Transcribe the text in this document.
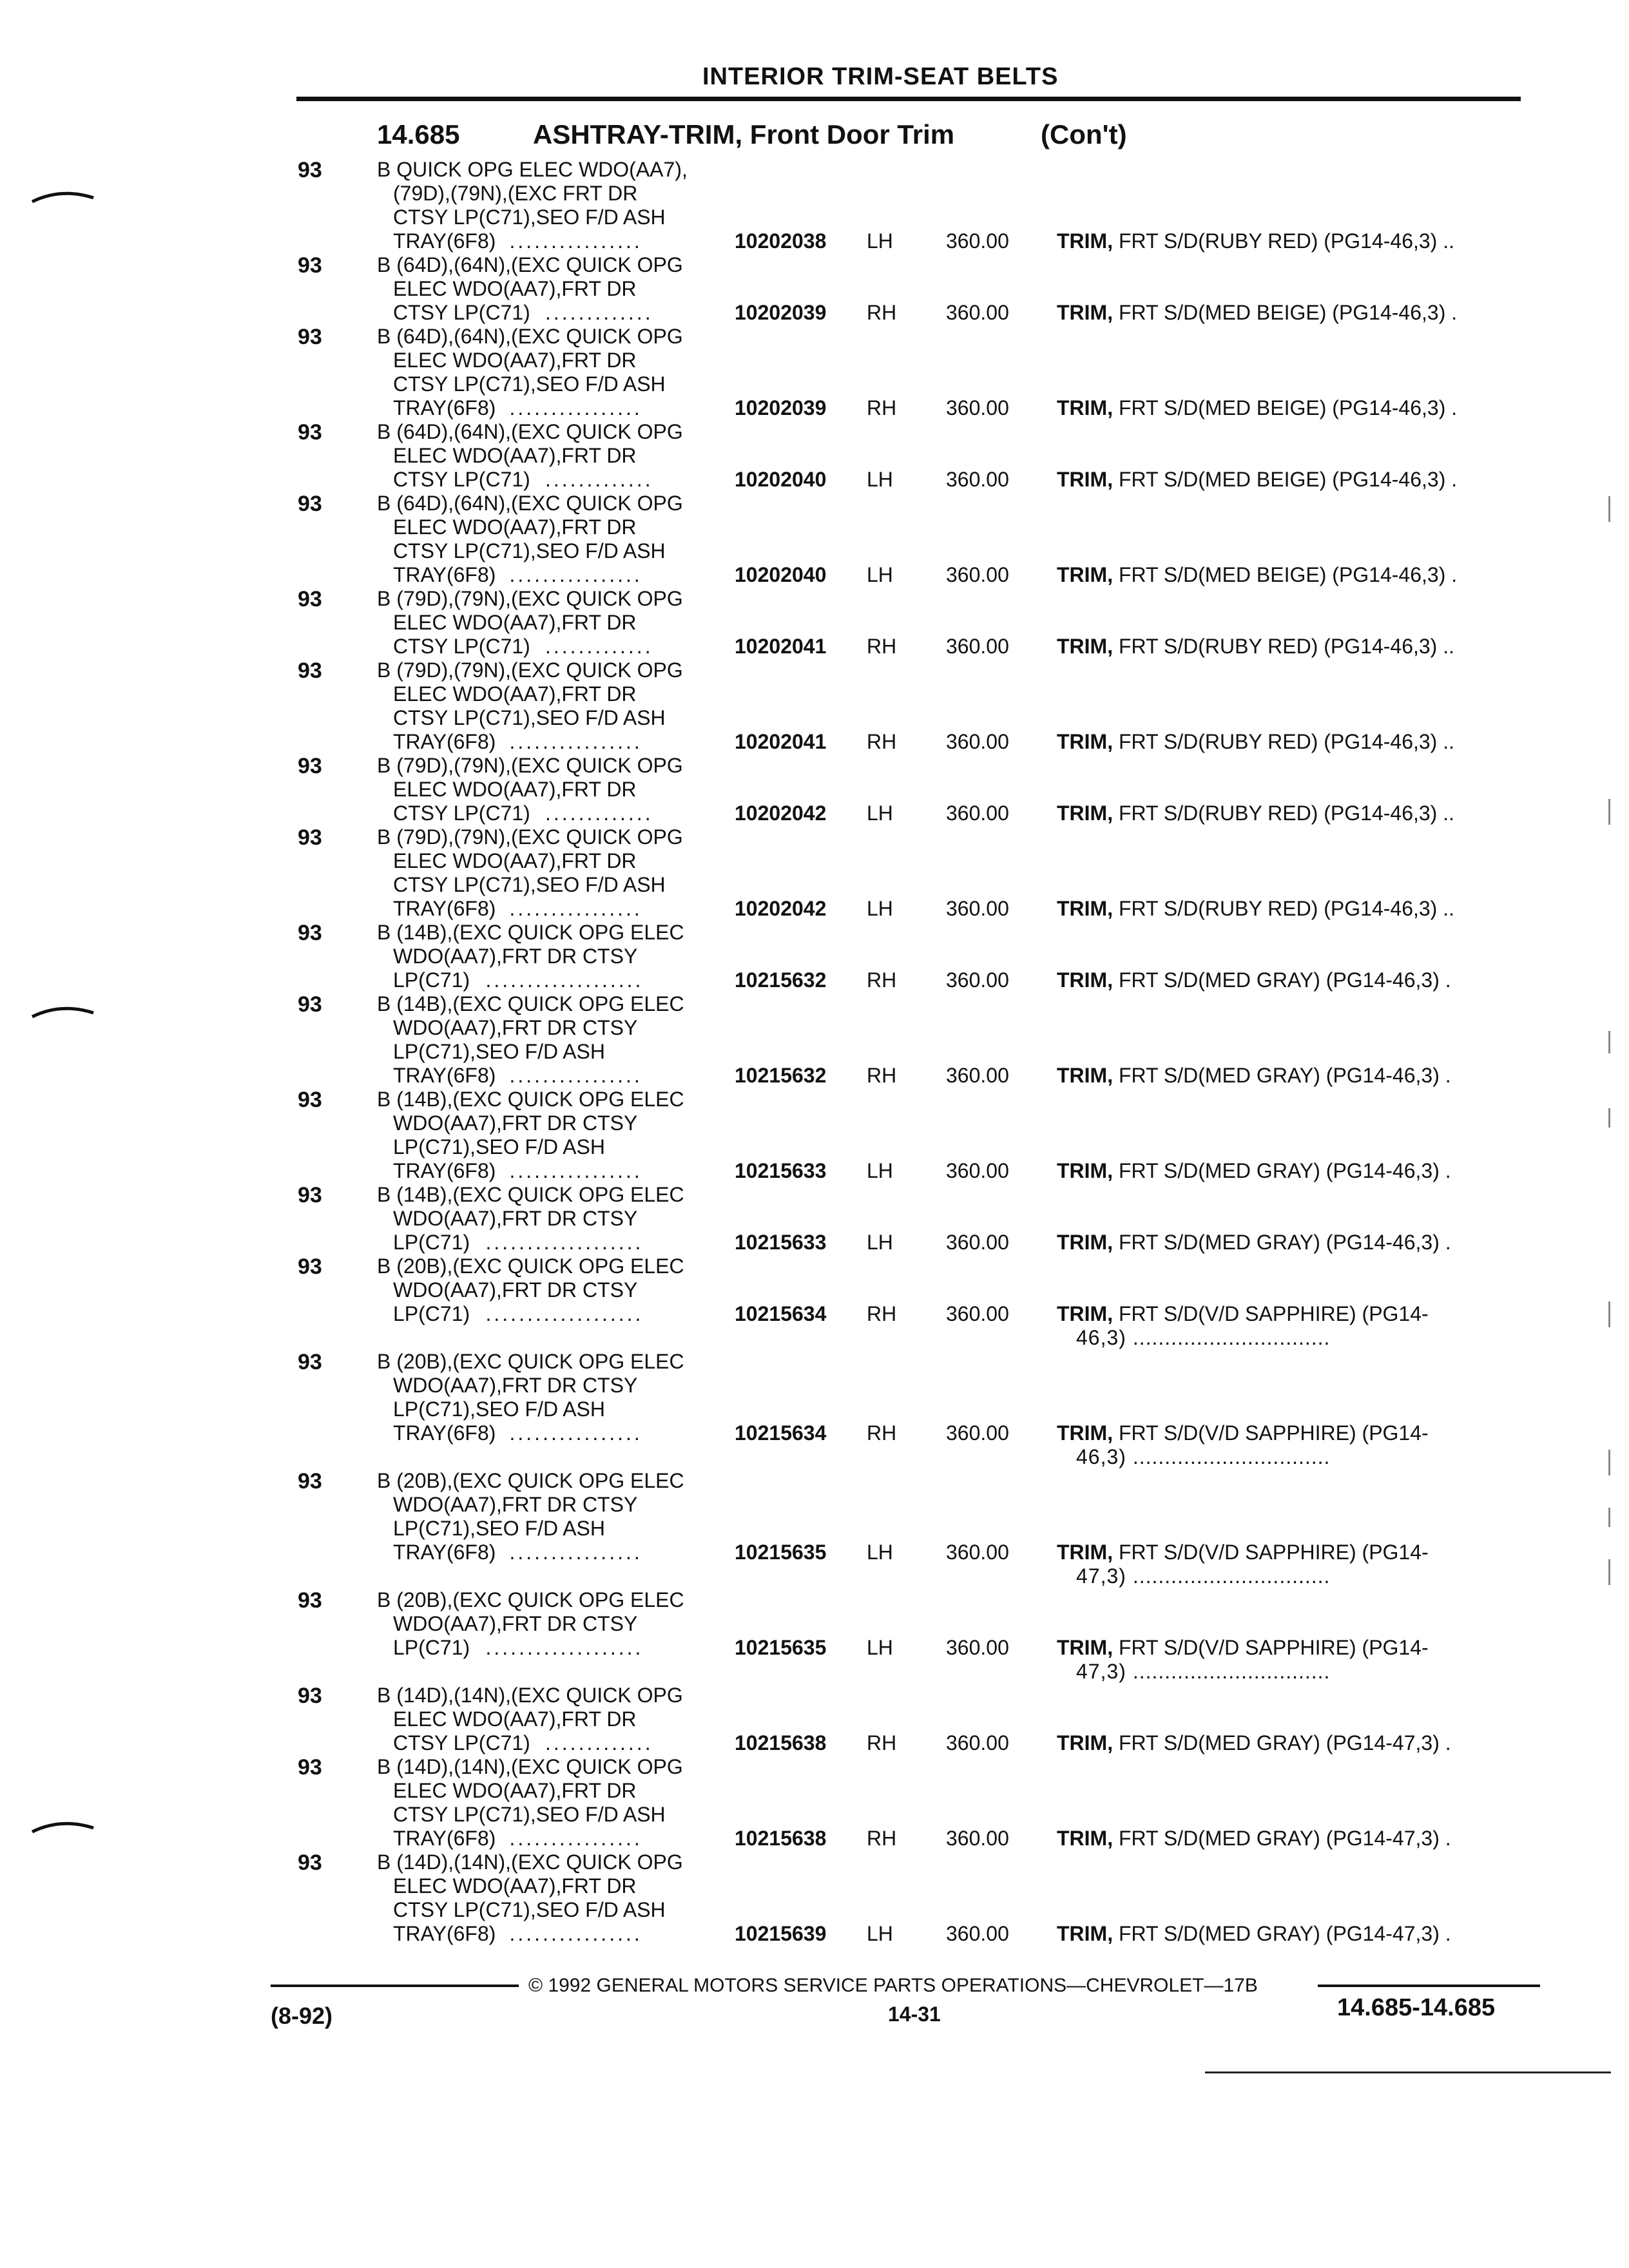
INTERIOR TRIM-SEAT BELTS
14.685	ASHTRAY-TRIM, Front Door Trim	(Con't)
93	B QUICK OPG ELEC WDO(AA7),
(79D),(79N),(EXC FRT DR
CTSY LP(C71),SEO F/D ASH
TRAY(6F8) ................	10202038 LH	360.00 TRIM, FRT S/D(RUBY RED) (PG14-46,3) ..
93	B (64D),(64N),(EXC QUICK OPG
ELEC WDO(AA7),FRT DR
CTSY LP(C71) .............	10202039 RH 360.00 TRIM, FRT S/D(MED BEIGE) (PG14-46,3) .
93	B (64D),(64N),(EXC QUICK OPG
ELEC WDO(AA7),FRT DR
CTSY LP(C71),SEO F/D ASH
TRAY(6F8) ................	10202039 RH 360.00 TRIM, FRT S/D(MED BEIGE) (PG14-46,3) .
93	B (64D),(64N),(EXC QUICK OPG
ELEC WDO(AA7),FRT DR
CTSY LP(C71) .............	10202040 LH	360.00 TRIM, FRT S/D(MED BEIGE) (PG14-46,3) .
93	B (64D),(64N),(EXC QUICK OPG
ELEC WDO(AA7),FRT DR
CTSY LP(C71),SEO F/D ASH
TRAY(6F8) ................	10202040 LH	360.00 TRIM, FRT S/D(MED BEIGE) (PG14-46,3) .
93	B (79D),(79N),(EXC QUICK OPG
ELEC WDO(AA7),FRT DR
CTSY LP(C71) .............	10202041 RH 360.00 TRIM, FRT S/D(RUBY RED) (PG14-46,3) ..
93	B (79D),(79N),(EXC QUICK OPG
ELEC WDO(AA7),FRT DR
CTSY LP(C71),SEO F/D ASH
TRAY(6F8) ................	10202041 RH 360.00 TRIM, FRT S/D(RUBY RED) (PG14-46,3) ..
93	B (79D),(79N),(EXC QUICK OPG
ELEC WDO(AA7),FRT DR
CTSY LP(C71) .............	10202042 LH	360.00 TRIM, FRT S/D(RUBY RED) (PG14-46,3) ..
93	B (79D),(79N),(EXC QUICK OPG
ELEC WDO(AA7),FRT DR
CTSY LP(C71),SEO F/D ASH
TRAY(6F8) ................	10202042 LH	360.00 TRIM, FRT S/D(RUBY RED) (PG14-46,3) ..
93	B (14B),(EXC QUICK OPG ELEC
WDO(AA7),FRT DR CTSY
LP(C71) ...................	10215632 RH 360.00 TRIM, FRT S/D(MED GRAY) (PG14-46,3) .
93	B (14B),(EXC QUICK OPG ELEC
WDO(AA7),FRT DR CTSY
LP(C71),SEO F/D ASH
TRAY(6F8) ................	10215632 RH 360.00 TRIM, FRT S/D(MED GRAY) (PG14-46,3) .
93	B (14B),(EXC QUICK OPG ELEC
WDO(AA7),FRT DR CTSY
LP(C71),SEO F/D ASH
TRAY(6F8) ................	10215633 LH	360.00 TRIM, FRT S/D(MED GRAY) (PG14-46,3) .
93	B (14B),(EXC QUICK OPG ELEC
WDO(AA7),FRT DR CTSY
LP(C71) ...................	10215633 LH	360.00 TRIM, FRT S/D(MED GRAY) (PG14-46,3) .
93	B (20B),(EXC QUICK OPG ELEC
WDO(AA7),FRT DR CTSY
LP(C71) ...................	10215634 RH 360.00 TRIM, FRT S/D(V/D SAPPHIRE) (PG14-
46,3) ...............................
93	B (20B),(EXC QUICK OPG ELEC
WDO(AA7),FRT DR CTSY
LP(C71),SEO F/D ASH
TRAY(6F8) ................	10215634 RH 360.00 TRIM, FRT S/D(V/D SAPPHIRE) (PG14-
46,3) ...............................
93	B (20B),(EXC QUICK OPG ELEC
WDO(AA7),FRT DR CTSY
LP(C71),SEO F/D ASH
TRAY(6F8) ................	10215635 LH	360.00 TRIM, FRT S/D(V/D SAPPHIRE) (PG14-
47,3) ...............................
93	B (20B),(EXC QUICK OPG ELEC
WDO(AA7),FRT DR CTSY
LP(C71) ...................	10215635 LH	360.00 TRIM, FRT S/D(V/D SAPPHIRE) (PG14-
47,3) ...............................
93	B (14D),(14N),(EXC QUICK OPG
ELEC WDO(AA7),FRT DR
CTSY LP(C71) .............	10215638 RH 360.00 TRIM, FRT S/D(MED GRAY) (PG14-47,3) .
93	B (14D),(14N),(EXC QUICK OPG
ELEC WDO(AA7),FRT DR
CTSY LP(C71),SEO F/D ASH
TRAY(6F8) ................	10215638 RH 360.00 TRIM, FRT S/D(MED GRAY) (PG14-47,3) .
93	B (14D),(14N),(EXC QUICK OPG
ELEC WDO(AA7),FRT DR
CTSY LP(C71),SEO F/D ASH
TRAY(6F8) ................	10215639 LH	360.00 TRIM, FRT S/D(MED GRAY) (PG14-47,3) .
© 1992 GENERAL MOTORS SERVICE PARTS OPERATIONS—CHEVROLET—17B
(8-92)	14-31	14.685-14.685
